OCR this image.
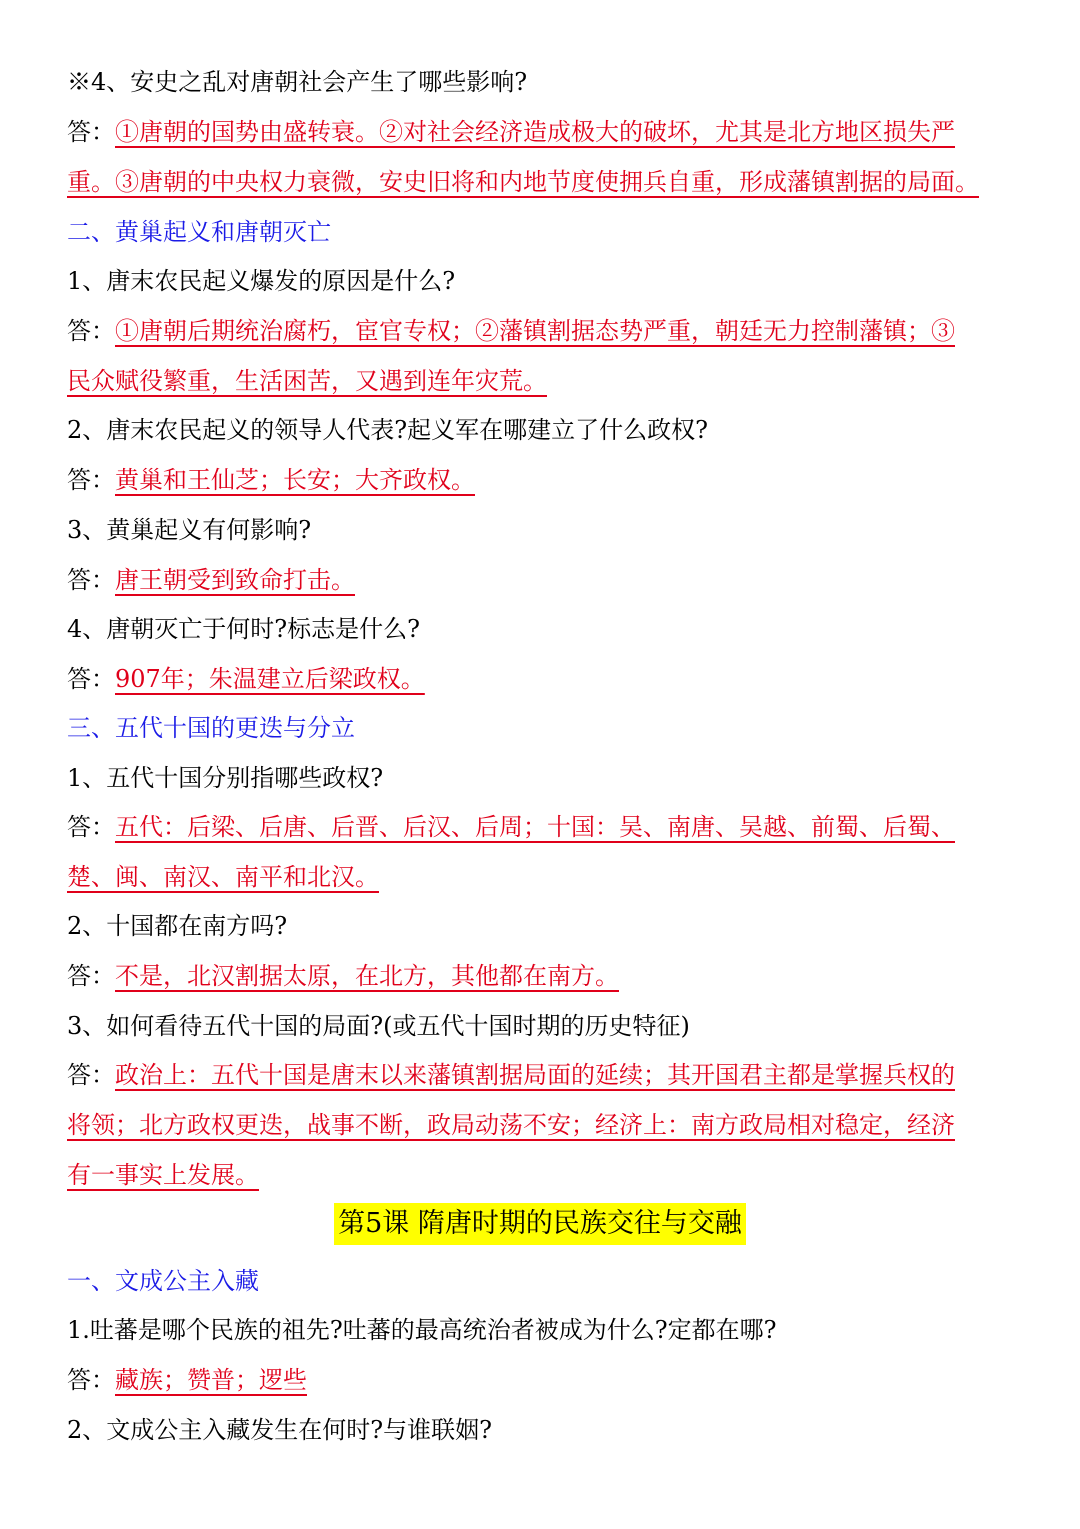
※4、安史之乱对唐朝社会产生了哪些影响?
答：①唐朝的国势由盛转衰。②对社会经济造成极大的破坏，尤其是北方地区损失严
重。③唐朝的中央权力衰微，安史旧将和内地节度使拥兵自重，形成藩镇割据的局面。
二、黄巢起义和唐朝灭亡
1、唐末农民起义爆发的原因是什么?
答：①唐朝后期统治腐朽，宦官专权；②藩镇割据态势严重，朝廷无力控制藩镇；③
民众赋役繁重，生活困苦，又遇到连年灾荒。
2、唐末农民起义的领导人代表?起义军在哪建立了什么政权?
答：黄巢和王仙芝；长安；大齐政权。
3、黄巢起义有何影响?
答：唐王朝受到致命打击。
4、唐朝灭亡于何时?标志是什么?
答：907年；朱温建立后梁政权。
三、五代十国的更迭与分立
1、五代十国分别指哪些政权?
答：五代：后梁、后唐、后晋、后汉、后周；十国：吴、南唐、吴越、前蜀、后蜀、
楚、闽、南汉、南平和北汉。
2、十国都在南方吗?
答：不是，北汉割据太原，在北方，其他都在南方。
3、如何看待五代十国的局面?(或五代十国时期的历史特征)
答：政治上：五代十国是唐末以来藩镇割据局面的延续；其开国君主都是掌握兵权的
将领；北方政权更迭，战事不断，政局动荡不安；经济上：南方政局相对稳定，经济
有一事实上发展。
第5课 隋唐时期的民族交往与交融
一、文成公主入藏
1.吐蕃是哪个民族的祖先?吐蕃的最高统治者被成为什么?定都在哪?
答：藏族；赞普；逻些
2、文成公主入藏发生在何时?与谁联姻?
